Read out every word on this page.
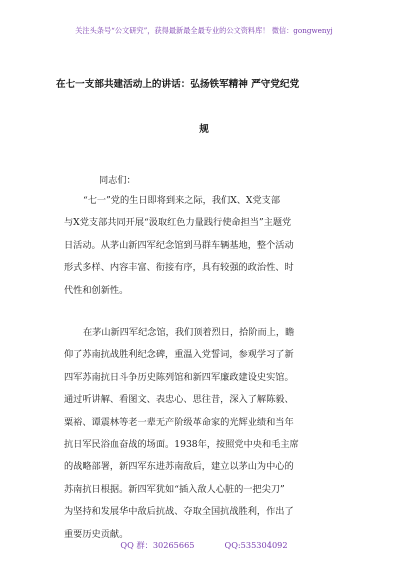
关注头条号“公文研究”，获得最新最全最专业的公文资料库！ 微信：gongwenyj
在七一支部共建活动上的讲话：弘扬铁军精神 严守党纪党
规
同志们：
“七一”党的生日即将到来之际，我们X、X党支部
与X党支部共同开展“汲取红色力量践行使命担当”主题党
日活动。从茅山新四军纪念馆到马群车辆基地，整个活动
形式多样、内容丰富、衔接有序，具有较强的政治性、时
代性和创新性。
在茅山新四军纪念馆，我们顶着烈日，拾阶而上，瞻
仰了苏南抗战胜利纪念碑，重温入党誓词，参观学习了新
四军苏南抗日斗争历史陈列馆和新四军廉政建设史实馆。
通过听讲解、看图文、表忠心、思往昔，深入了解陈毅、
粟裕、谭震林等老一辈无产阶级革命家的光辉业绩和当年
抗日军民浴血奋战的场面。1938年，按照党中央和毛主席
的战略部署，新四军东进苏南敌后，建立以茅山为中心的
苏南抗日根据。新四军犹如“插入敌人心脏的一把尖刀”
为坚持和发展华中敌后抗战、夺取全国抗战胜利，作出了
重要历史贡献。
QQ 群：30265665	QQ:535304092
